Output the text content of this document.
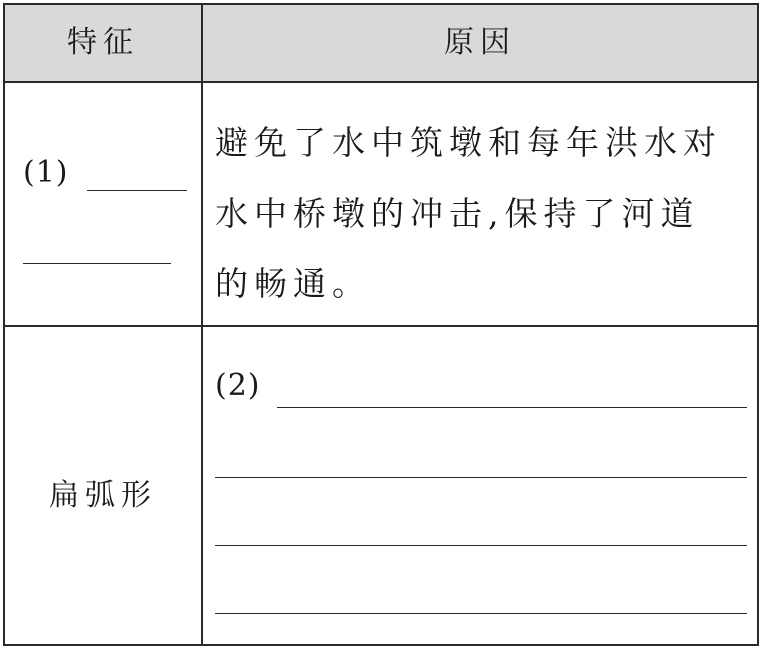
特征	原因
(1)
避免了水中筑墩和每年洪水对
水中桥墩的冲击,保持了河道
的畅通。
扁弧形
(2)
